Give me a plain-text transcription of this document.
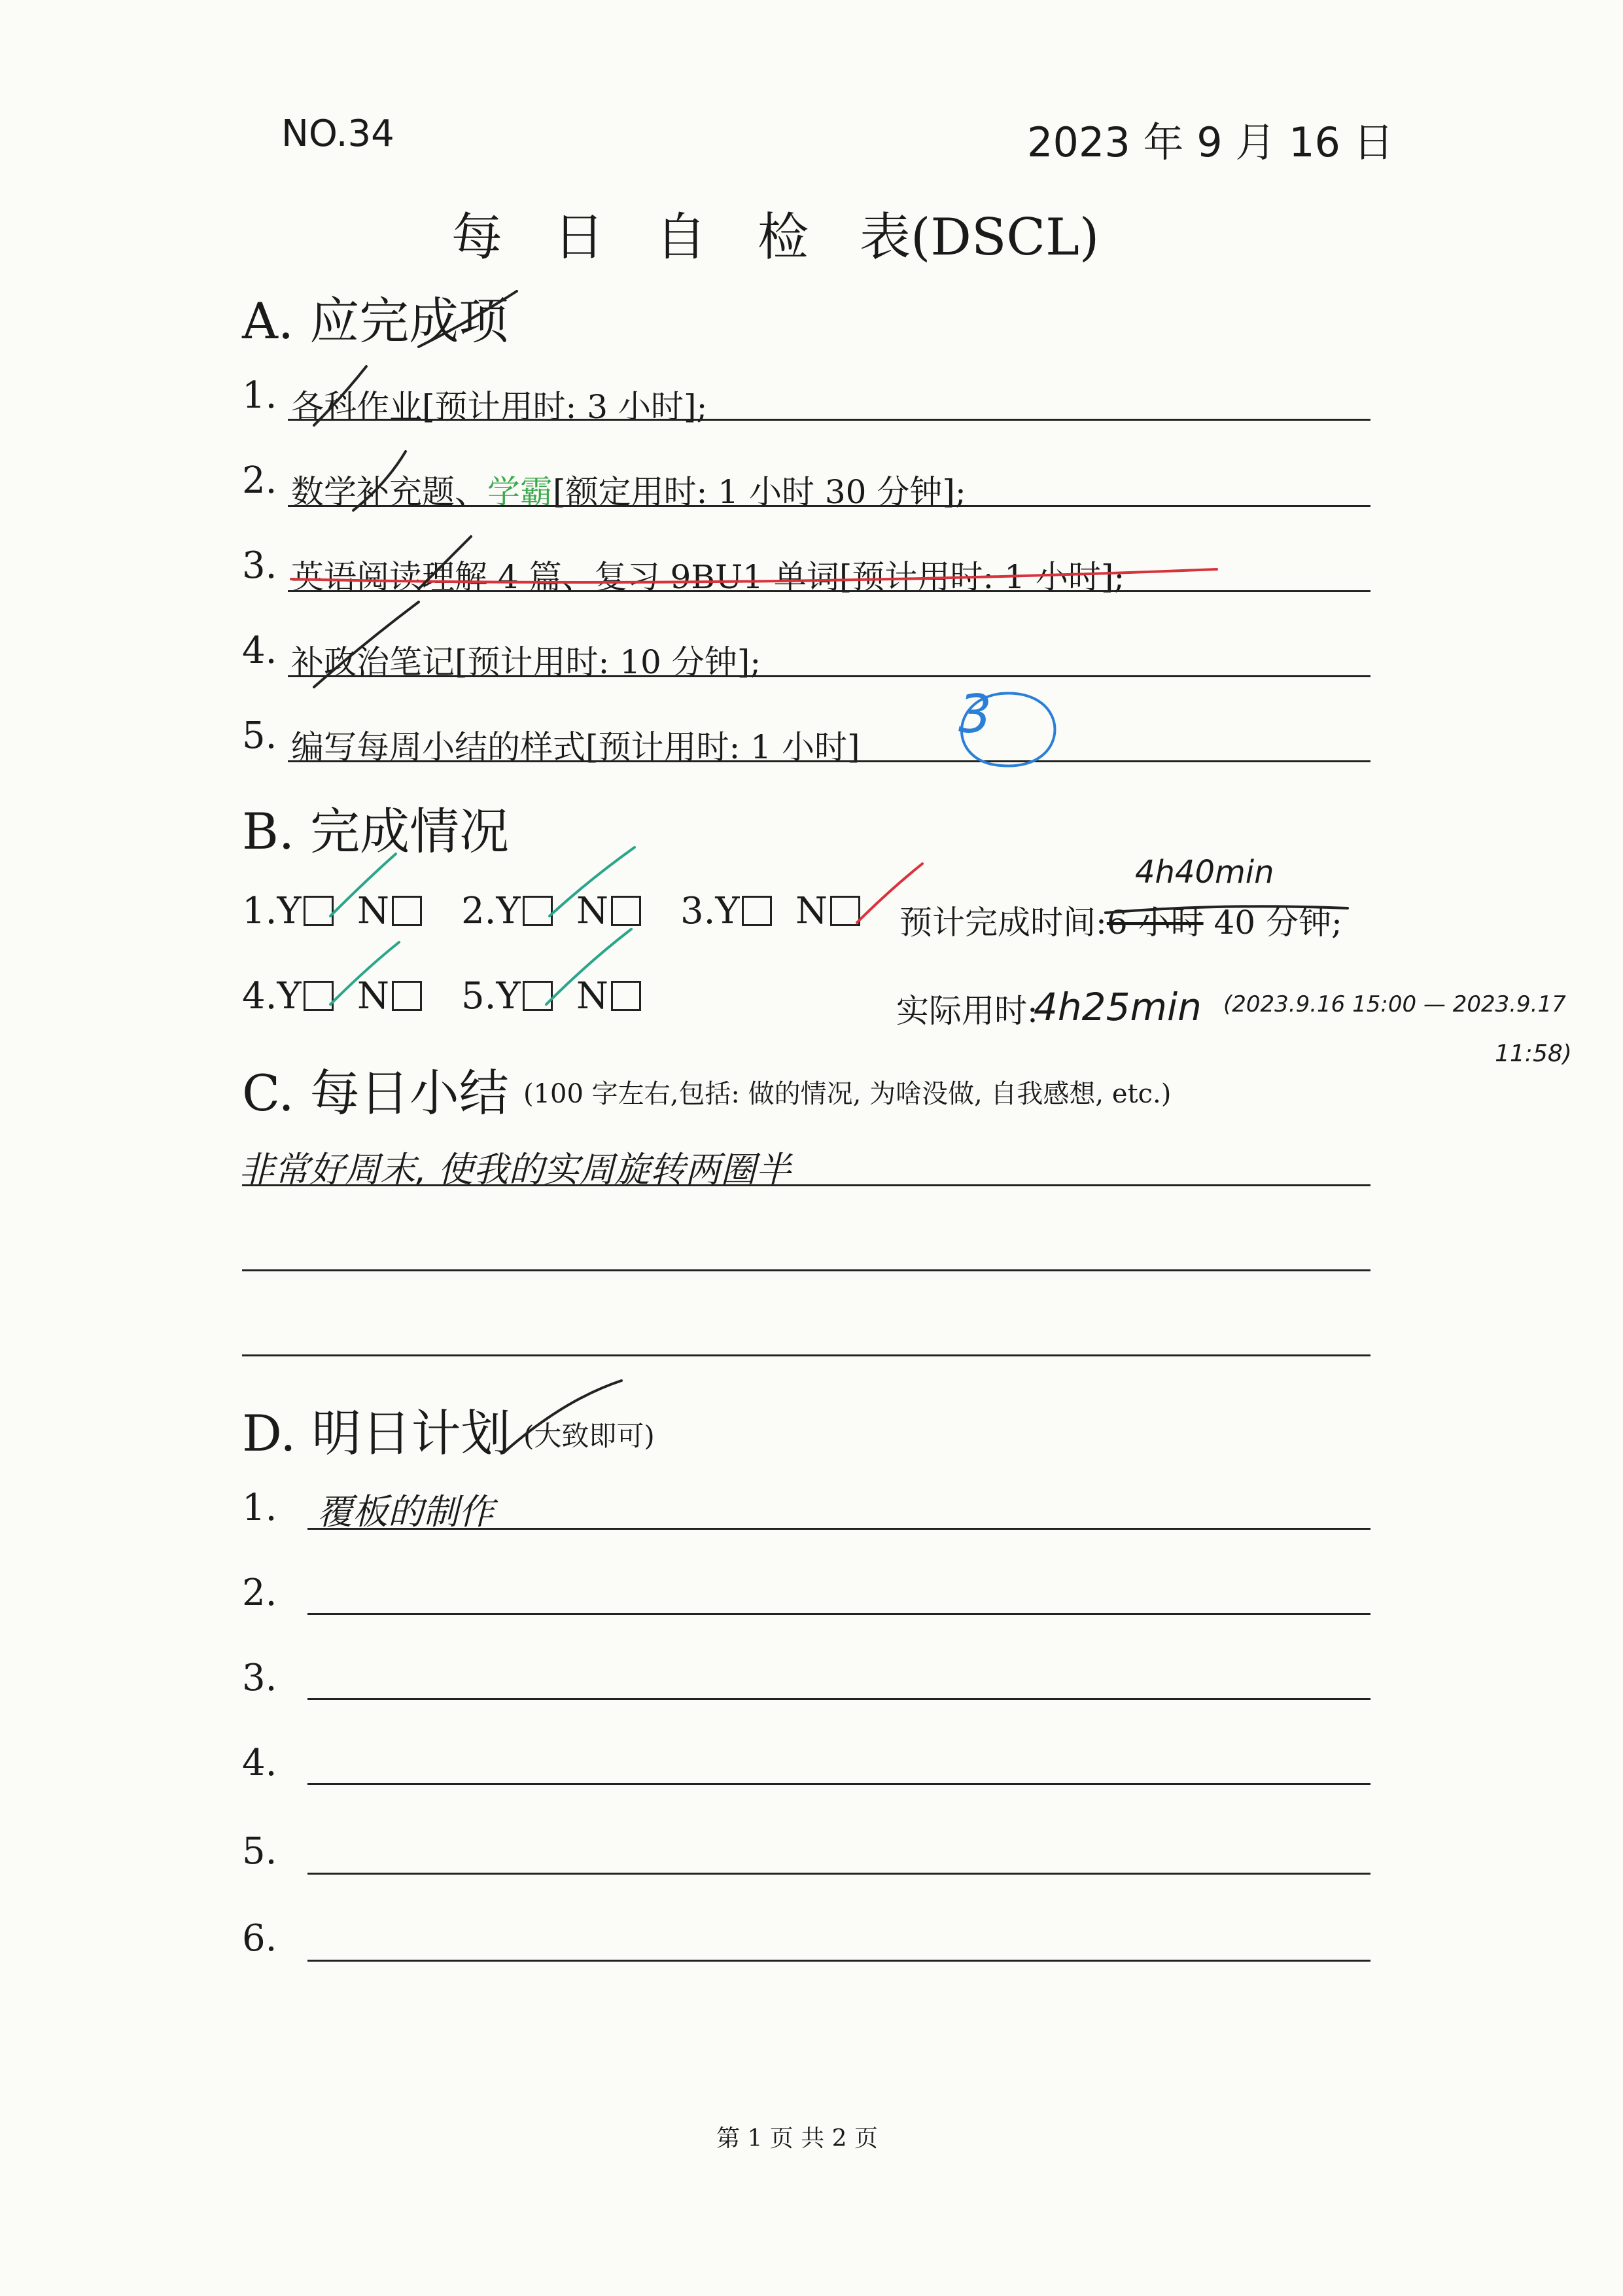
NO.34	2023 年 9 月 16 日
每　日　自　检　表(DSCL)
A. 应完成项
1. 各科作业[预计用时: 3 小时];
2. 数学补充题、学霸[额定用时: 1 小时 30 分钟];
3. 英语阅读理解 4 篇、复习 9BU1 单词[预计用时: 1 小时];
4. 补政治笔记[预计用时: 10 分钟];
5. 编写每周小结的样式[预计用时: 1 小时]
3
B. 完成情况
1.Y N	2.Y N	3.Y N	预计完成时间:6 小时 40 分钟;
4h40min
4.Y N	5.Y N	实际用时:
4h25min (2023.9.16 15:00 — 2023.9.17
11:58)
C. 每日小结 (100 字左右,包括: 做的情况, 为啥没做, 自我感想, etc.)
非常好周末, 使我的实周旋转两圈半
D. 明日计划 (大致即可)
1. 覆板的制作
2.
3.
4.
5.
6.
第 1 页 共 2 页
